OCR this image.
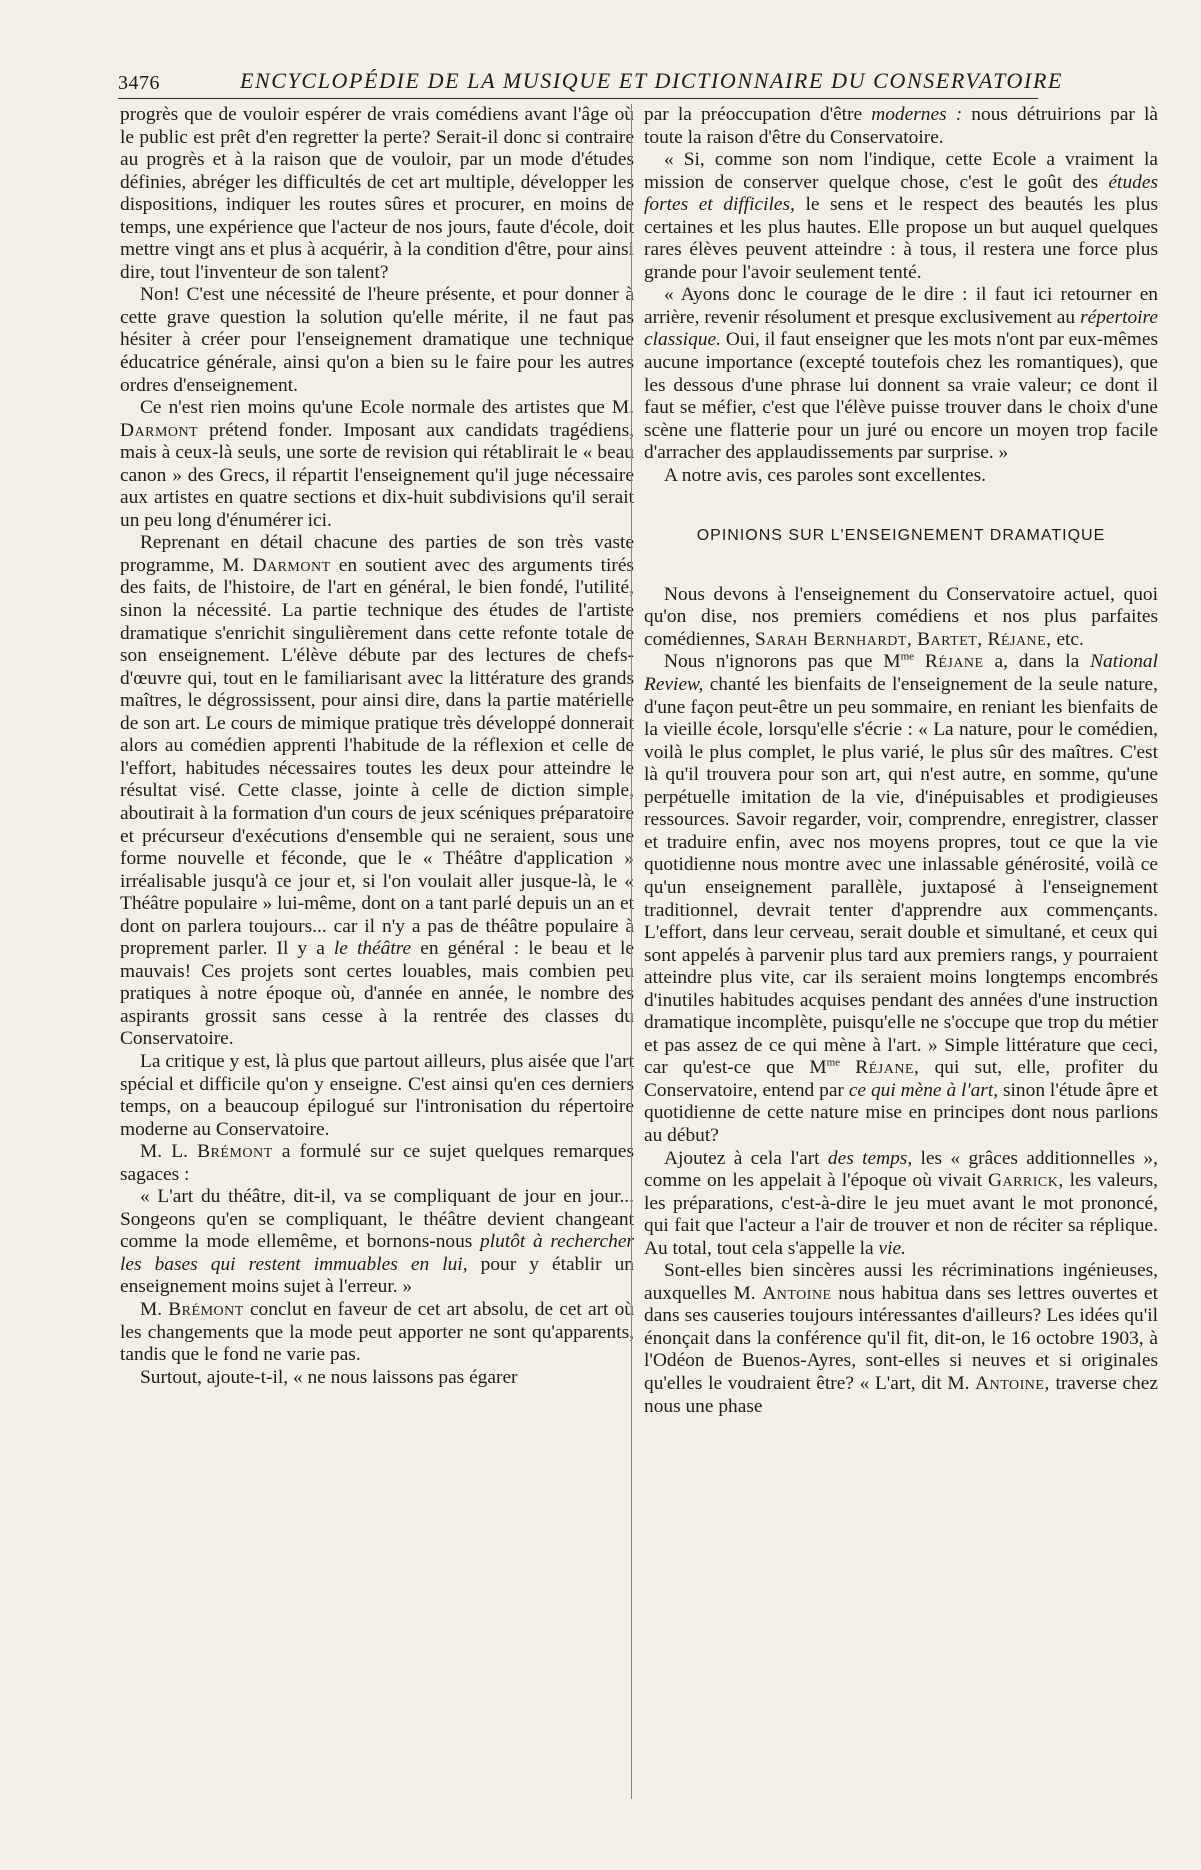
3476	ENCYCLOPÉDIE DE LA MUSIQUE ET DICTIONNAIRE DU CONSERVATOIRE

progrès que de vouloir espérer de vrais comédiens avant l'âge où le public est prêt d'en regretter la perte? Serait-il donc si contraire au progrès et à la raison que de vouloir, par un mode d'études définies, abréger les difficultés de cet art multiple, développer les dispositions, indiquer les routes sûres et procurer, en moins de temps, une expérience que l'acteur de nos jours, faute d'école, doit mettre vingt ans et plus à acquérir, à la condition d'être, pour ainsi dire, tout l'inventeur de son talent?

Non! C'est une nécessité de l'heure présente, et pour donner à cette grave question la solution qu'elle mérite, il ne faut pas hésiter à créer pour l'enseignement dramatique une technique éducatrice générale, ainsi qu'on a bien su le faire pour les autres ordres d'enseignement.

Ce n'est rien moins qu'une Ecole normale des artistes que M. Darmont prétend fonder. Imposant aux candidats tragédiens, mais à ceux-là seuls, une sorte de revision qui rétablirait le « beau canon » des Grecs, il répartit l'enseignement qu'il juge nécessaire aux artistes en quatre sections et dix-huit subdivisions qu'il serait un peu long d'énumérer ici.

Reprenant en détail chacune des parties de son très vaste programme, M. Darmont en soutient avec des arguments tirés des faits, de l'histoire, de l'art en général, le bien fondé, l'utilité, sinon la nécessité. La partie technique des études de l'artiste dramatique s'enrichit singulièrement dans cette refonte totale de son enseignement. L'élève débute par des lectures de chefs-d'œuvre qui, tout en le familiarisant avec la littérature des grands maîtres, le dégrossissent, pour ainsi dire, dans la partie matérielle de son art. Le cours de mimique pratique très développé donnerait alors au comédien apprenti l'habitude de la réflexion et celle de l'effort, habitudes nécessaires toutes les deux pour atteindre le résultat visé. Cette classe, jointe à celle de diction simple, aboutirait à la formation d'un cours de jeux scéniques préparatoire et précurseur d'exécutions d'ensemble qui ne seraient, sous une forme nouvelle et féconde, que le « Théâtre d'application » irréalisable jusqu'à ce jour et, si l'on voulait aller jusque-là, le « Théâtre populaire » lui-même, dont on a tant parlé depuis un an et dont on parlera toujours... car il n'y a pas de théâtre populaire à proprement parler. Il y a le théâtre en général : le beau et le mauvais! Ces projets sont certes louables, mais combien peu pratiques à notre époque où, d'année en année, le nombre des aspirants grossit sans cesse à la rentrée des classes du Conservatoire.

La critique y est, là plus que partout ailleurs, plus aisée que l'art spécial et difficile qu'on y enseigne. C'est ainsi qu'en ces derniers temps, on a beaucoup épilogué sur l'intronisation du répertoire moderne au Conservatoire.

M. L. Brémont a formulé sur ce sujet quelques remarques sagaces :

« L'art du théâtre, dit-il, va se compliquant de jour en jour... Songeons qu'en se compliquant, le théâtre devient changeant comme la mode ellemême, et bornons-nous plutôt à rechercher les bases qui restent immuables en lui, pour y établir un enseignement moins sujet à l'erreur. »

M. Brémont conclut en faveur de cet art absolu, de cet art où les changements que la mode peut apporter ne sont qu'apparents, tandis que le fond ne varie pas.

Surtout, ajoute-t-il, « ne nous laissons pas égarer

par la préoccupation d'être modernes : nous détruirions par là toute la raison d'être du Conservatoire.

« Si, comme son nom l'indique, cette Ecole a vraiment la mission de conserver quelque chose, c'est le goût des études fortes et difficiles, le sens et le respect des beautés les plus certaines et les plus hautes. Elle propose un but auquel quelques rares élèves peuvent atteindre : à tous, il restera une force plus grande pour l'avoir seulement tenté.

« Ayons donc le courage de le dire : il faut ici retourner en arrière, revenir résolument et presque exclusivement au répertoire classique. Oui, il faut enseigner que les mots n'ont par eux-mêmes aucune importance (excepté toutefois chez les romantiques), que les dessous d'une phrase lui donnent sa vraie valeur; ce dont il faut se méfier, c'est que l'élève puisse trouver dans le choix d'une scène une flatterie pour un juré ou encore un moyen trop facile d'arracher des applaudissements par surprise. »

A notre avis, ces paroles sont excellentes.

OPINIONS SUR L'ENSEIGNEMENT DRAMATIQUE

Nous devons à l'enseignement du Conservatoire actuel, quoi qu'on dise, nos premiers comédiens et nos plus parfaites comédiennes, Sarah Bernhardt, Bartet, Réjane, etc.

Nous n'ignorons pas que $M^{me}$ Réjane a, dans la National Review, chanté les bienfaits de l'enseignement de la seule nature, d'une façon peut-être un peu sommaire, en reniant les bienfaits de la vieille école, lorsqu'elle s'écrie : « La nature, pour le comédien, voilà le plus complet, le plus varié, le plus sûr des maîtres. C'est là qu'il trouvera pour son art, qui n'est autre, en somme, qu'une perpétuelle imitation de la vie, d'inépuisables et prodigieuses ressources. Savoir regarder, voir, comprendre, enregistrer, classer et traduire enfin, avec nos moyens propres, tout ce que la vie quotidienne nous montre avec une inlassable générosité, voilà ce qu'un enseignement parallèle, juxtaposé à l'enseignement traditionnel, devrait tenter d'apprendre aux commençants. L'effort, dans leur cerveau, serait double et simultané, et ceux qui sont appelés à parvenir plus tard aux premiers rangs, y pourraient atteindre plus vite, car ils seraient moins longtemps encombrés d'inutiles habitudes acquises pendant des années d'une instruction dramatique incomplète, puisqu'elle ne s'occupe que trop du métier et pas assez de ce qui mène à l'art. » Simple littérature que ceci, car qu'est-ce que $M^{me}$ Réjane, qui sut, elle, profiter du Conservatoire, entend par ce qui mène à l'art, sinon l'étude âpre et quotidienne de cette nature mise en principes dont nous parlions au début?

Ajoutez à cela l'art des temps, les « grâces additionnelles », comme on les appelait à l'époque où vivait Garrick, les valeurs, les préparations, c'est-à-dire le jeu muet avant le mot prononcé, qui fait que l'acteur a l'air de trouver et non de réciter sa réplique. Au total, tout cela s'appelle la vie.

Sont-elles bien sincères aussi les récriminations ingénieuses, auxquelles M. Antoine nous habitua dans ses lettres ouvertes et dans ses causeries toujours intéressantes d'ailleurs? Les idées qu'il énonçait dans la conférence qu'il fit, dit-on, le 16 octobre 1903, à l'Odéon de Buenos-Ayres, sont-elles si neuves et si originales qu'elles le voudraient être? « L'art, dit M. Antoine, traverse chez nous une phase
